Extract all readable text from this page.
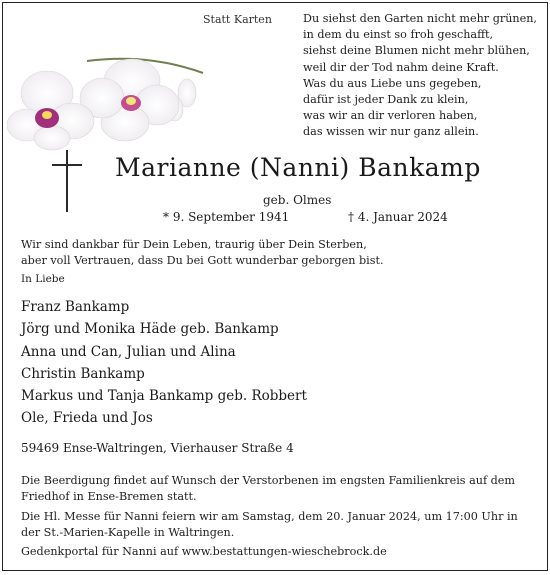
Statt Karten	Du siehst den Garten nicht mehr grünen,
in dem du einst so froh geschafft,
siehst deine Blumen nicht mehr blühen,
weil dir der Tod nahm deine Kraft.
Was du aus Liebe uns gegeben,
dafür ist jeder Dank zu klein,
was wir an dir verloren haben,
das wissen wir nur ganz allein.
Marianne (Nanni) Bankamp
geb. Olmes
* 9. September 1941	† 4. Januar 2024
Wir sind dankbar für Dein Leben, traurig über Dein Sterben,
aber voll Vertrauen, dass Du bei Gott wunderbar geborgen bist.
In Liebe
Franz Bankamp
Jörg und Monika Häde geb. Bankamp
Anna und Can, Julian und Alina
Christin Bankamp
Markus und Tanja Bankamp geb. Robbert
Ole, Frieda und Jos
59469 Ense-Waltringen, Vierhauser Straße 4
Die Beerdigung findet auf Wunsch der Verstorbenen im engsten Familienkreis auf dem Friedhof in Ense-Bremen statt.
Die Hl. Messe für Nanni feiern wir am Samstag, dem 20. Januar 2024, um 17:00 Uhr in der St.-Marien-Kapelle in Waltringen.
Gedenkportal für Nanni auf www.bestattungen-wieschebrock.de
